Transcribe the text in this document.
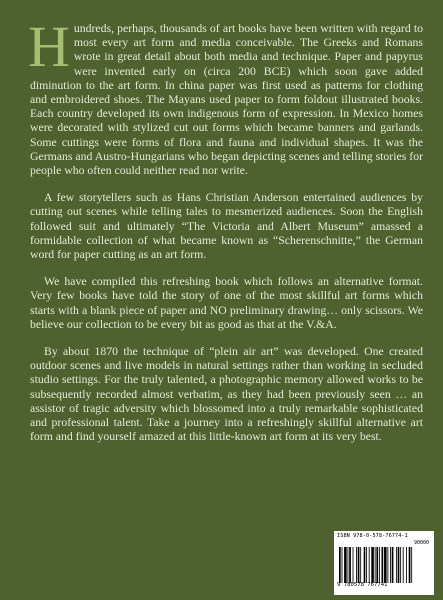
Hundreds, perhaps, thousands of art books have been written with regard to most every art form and media conceivable. The Greeks and Romans wrote in great detail about both media and technique. Paper and papyrus were invented early on (circa 200 BCE) which soon gave added diminution to the art form. In china paper was first used as patterns for clothing and embroidered shoes. The Mayans used paper to form foldout illustrated books. Each country developed its own indigenous form of expression. In Mexico homes were decorated with stylized cut out forms which became banners and garlands. Some cuttings were forms of flora and fauna and individual shapes. It was the Germans and Austro-Hungarians who began depicting scenes and telling stories for people who often could neither read nor write.

A few storytellers such as Hans Christian Anderson entertained audiences by cutting out scenes while telling tales to mesmerized audiences. Soon the English followed suit and ultimately “The Victoria and Albert Museum” amassed a formidable collection of what became known as “Scherenschnitte,” the German word for paper cutting as an art form.

We have compiled this refreshing book which follows an alternative format. Very few books have told the story of one of the most skillful art forms which starts with a blank piece of paper and NO preliminary drawing… only scissors. We believe our collection to be every bit as good as that at the V.&A.

By about 1870 the technique of “plein air art” was developed. One created outdoor scenes and live models in natural settings rather than working in secluded studio settings. For the truly talented, a photographic memory allowed works to be subsequently recorded almost verbatim, as they had been previously seen … an assistor of tragic adversity which blossomed into a truly remarkable sophisticated and professional talent. Take a journey into a refreshingly skillful alternative art form and find yourself amazed at this little-known art form at its very best.

ISBN 978-0-578-76774-1
90000
9 780578 767741
